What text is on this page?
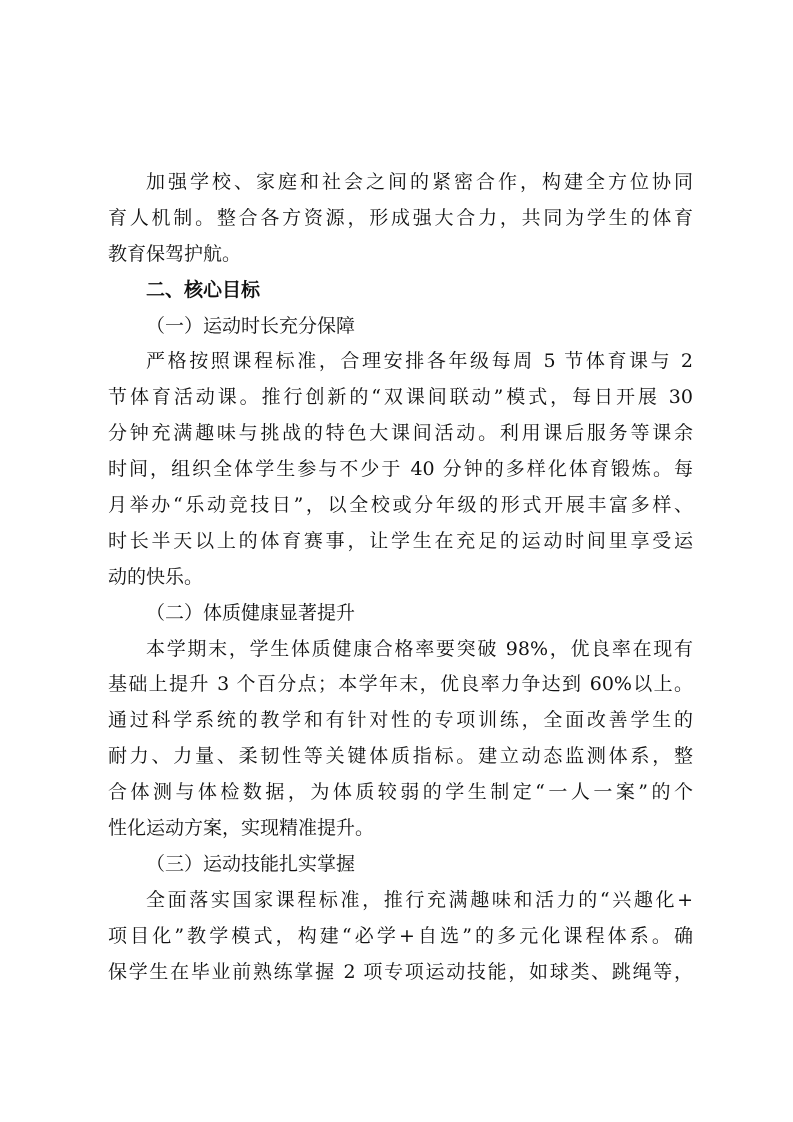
加强学校、家庭和社会之间的紧密合作，构建全方位协同
育人机制。整合各方资源，形成强大合力，共同为学生的体育
教育保驾护航。
二、核心目标
（一）运动时长充分保障
严格按照课程标准，合理安排各年级每周 5 节体育课与 2
节体育活动课。推行创新的“双课间联动”模式，每日开展 30
分钟充满趣味与挑战的特色大课间活动。利用课后服务等课余
时间，组织全体学生参与不少于 40 分钟的多样化体育锻炼。每
月举办“乐动竞技日”，以全校或分年级的形式开展丰富多样、
时长半天以上的体育赛事，让学生在充足的运动时间里享受运
动的快乐。
（二）体质健康显著提升
本学期末，学生体质健康合格率要突破 98%，优良率在现有
基础上提升 3 个百分点；本学年末，优良率力争达到 60%以上。
通过科学系统的教学和有针对性的专项训练，全面改善学生的
耐力、力量、柔韧性等关键体质指标。建立动态监测体系，整
合体测与体检数据，为体质较弱的学生制定“一人一案”的个
性化运动方案，实现精准提升。
（三）运动技能扎实掌握
全面落实国家课程标准，推行充满趣味和活力的“兴趣化+
项目化”教学模式，构建“必学+自选”的多元化课程体系。确
保学生在毕业前熟练掌握 2 项专项运动技能，如球类、跳绳等，
